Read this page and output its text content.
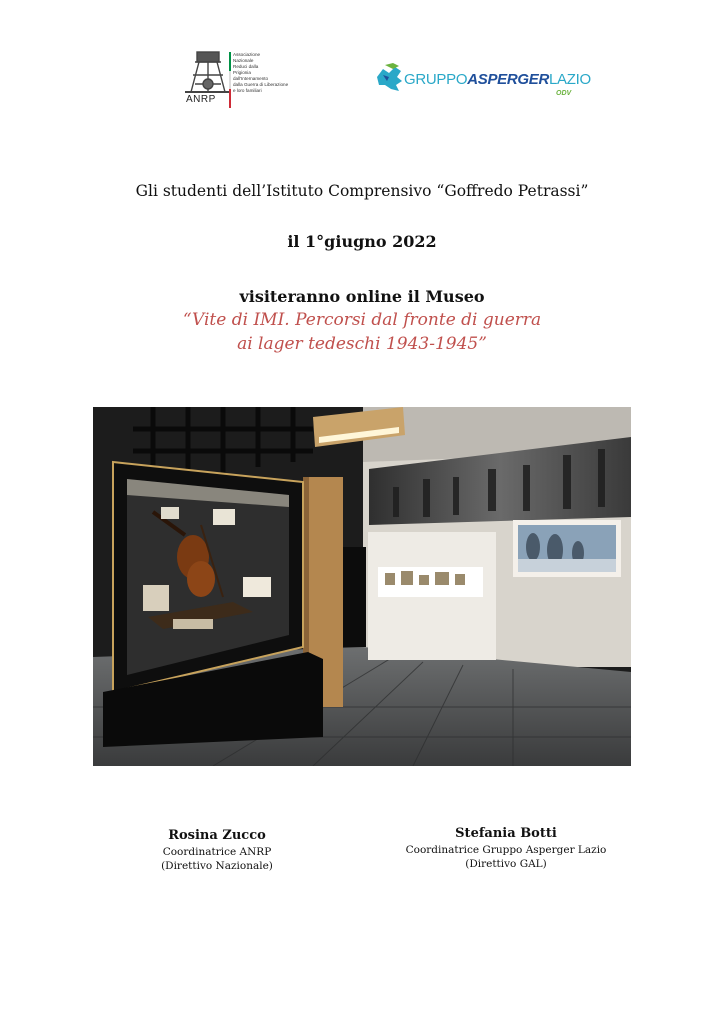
Associazione
Nazionale
Reduci dalla
Prigionia
dall'Internamento
dalla Guerra di Liberazione
e loro familiari
ANRP
GRUPPOASPERGERLAZIO
ODV
Gli studenti dell’Istituto Comprensivo “Goffredo Petrassi”
il 1°giugno 2022
visiteranno online il Museo
“Vite di IMI. Percorsi dal fronte di guerra
ai lager tedeschi 1943-1945”
Rosina Zucco
Coordinatrice ANRP
(Direttivo Nazionale)
Stefania Botti
Coordinatrice Gruppo Asperger Lazio
(Direttivo GAL)
